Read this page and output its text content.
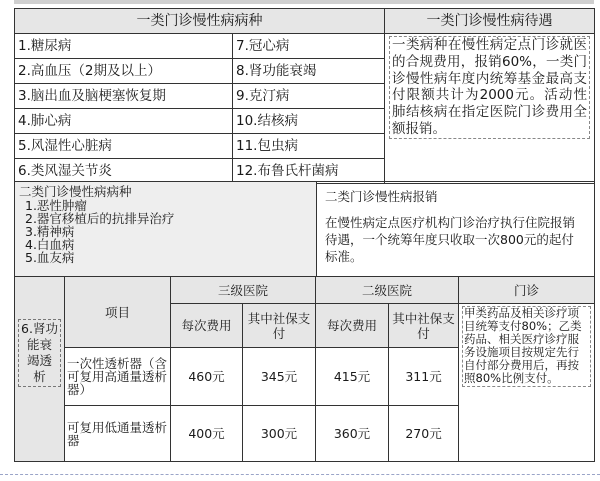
一类门诊慢性病病种		一类门诊慢性病待遇
1.糖尿病	7.冠心病	一类病种在慢性病定点门诊就医的合规费用，报销60%，一类门诊慢性病年度内统筹基金最高支付限额共计为2000元。活动性肺结核病在指定医院门诊费用全额报销。

2.高血压（2期及以上）	8.肾功能衰竭	
3.脑出血及脑梗塞恢复期	9.克汀病	
4.肺心病	10.结核病	
5.风湿性心脏病	11.包虫病	
6.类风湿关节炎	12.布鲁氏杆菌病	
二类门诊慢性病病种
1.恶性肿瘤
2.器官移植后的抗排异治疗
3.精神病
4.白血病
5.血友病

二类门诊慢性病报销
在慢性病定点医疗机构门诊治疗执行住院报销待遇，一个统筹年度只收取一次800元的起付标准。
6.肾功能衰竭透析	项目	三级医院		二级医院		门诊
		每次费用	其中社保支付	每次费用	其中社保支付	甲类药品及相关诊疗项目统筹支付80%；乙类药品、相关医疗诊疗服务设施项目按规定先行自付部分费用后，再按照80%比例支付。

	一次性透析器（含可复用高通量透析器）	460元	345元	415元	311元	
	可复用低通量透析器	400元	300元	360元	270元	
